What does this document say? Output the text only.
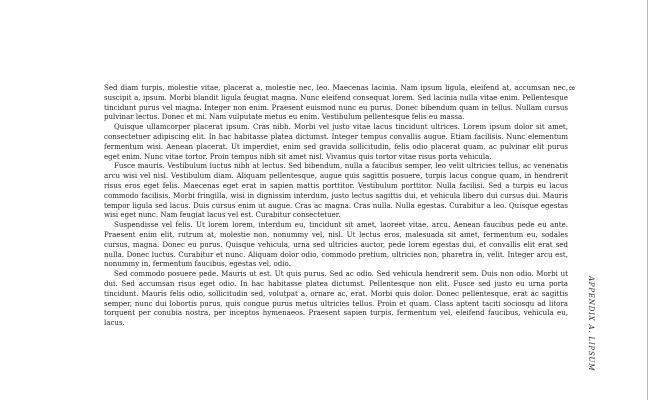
Sed diam turpis, molestie vitae, placerat a, molestie nec, leo. Maecenas lacinia. Nam ipsum ligula, eleifend at, accumsan nec, suscipit a, ipsum. Morbi blandit ligula feugiat magna. Nunc eleifend consequat lorem. Sed lacinia nulla vitae enim. Pellentesque tincidunt purus vel magna. Integer non enim. Praesent euismod nunc eu purus. Donec bibendum quam in tellus. Nullam cursus pulvinar lectus. Donec et mi. Nam vulputate metus eu enim. Vestibulum pellentesque felis eu massa.

Quisque ullamcorper placerat ipsum. Cras nibh. Morbi vel justo vitae lacus tincidunt ultrices. Lorem ipsum dolor sit amet, consectetuer adipiscing elit. In hac habitasse platea dictumst. Integer tempus convallis augue. Etiam facilisis. Nunc elementum fermentum wisi. Aenean placerat. Ut imperdiet, enim sed gravida sollicitudin, felis odio placerat quam, ac pulvinar elit purus eget enim. Nunc vitae tortor. Proin tempus nibh sit amet nisl. Vivamus quis tortor vitae risus porta vehicula.

Fusce mauris. Vestibulum luctus nibh at lectus. Sed bibendum, nulla a faucibus semper, leo velit ultricies tellus, ac venenatis arcu wisi vel nisl. Vestibulum diam. Aliquam pellentesque, augue quis sagittis posuere, turpis lacus congue quam, in hendrerit risus eros eget felis. Maecenas eget erat in sapien mattis porttitor. Vestibulum porttitor. Nulla facilisi. Sed a turpis eu lacus commodo facilisis. Morbi fringilla, wisi in dignissim interdum, justo lectus sagittis dui, et vehicula libero dui cursus dui. Mauris tempor ligula sed lacus. Duis cursus enim ut augue. Cras ac magna. Cras nulla. Nulla egestas. Curabitur a leo. Quisque egestas wisi eget nunc. Nam feugiat lacus vel est. Curabitur consectetuer.

Suspendisse vel felis. Ut lorem lorem, interdum eu, tincidunt sit amet, laoreet vitae, arcu. Aenean faucibus pede eu ante. Praesent enim elit, rutrum at, molestie non, nonummy vel, nisl. Ut lectus eros, malesuada sit amet, fermentum eu, sodales cursus, magna. Donec eu purus. Quisque vehicula, urna sed ultricies auctor, pede lorem egestas dui, et convallis elit erat sed nulla. Donec luctus. Curabitur et nunc. Aliquam dolor odio, commodo pretium, ultricies non, pharetra in, velit. Integer arcu est, nonummy in, fermentum faucibus, egestas vel, odio.

Sed commodo posuere pede. Mauris ut est. Ut quis purus. Sed ac odio. Sed vehicula hendrerit sem. Duis non odio. Morbi ut dui. Sed accumsan risus eget odio. In hac habitasse platea dictumst. Pellentesque non elit. Fusce sed justo eu urna porta tincidunt. Mauris felis odio, sollicitudin sed, volutpat a, ornare ac, erat. Morbi quis dolor. Donec pellentesque, erat ac sagittis semper, nunc dui lobortis purus, quis congue purus metus ultricies tellus. Proin et quam. Class aptent taciti sociosqu ad litora torquent per conubia nostra, per inceptos hymenaeos. Praesent sapien turpis, fermentum vel, eleifend faucibus, vehicula eu, lacus.

8
APPENDIX A. LIPSUM
